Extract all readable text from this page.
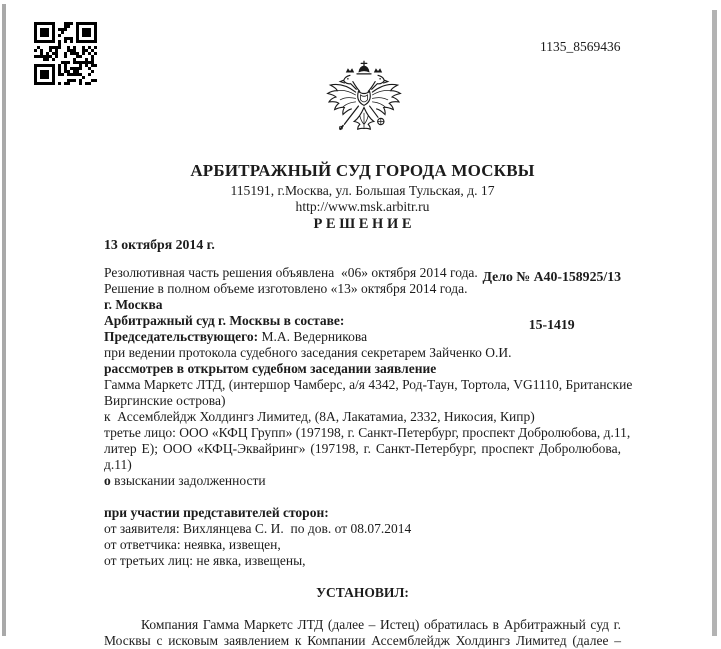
1135_8569436
АРБИТРАЖНЫЙ СУД ГОРОДА МОСКВЫ
115191, г.Москва, ул. Большая Тульская, д. 17
http://www.msk.arbitr.ru
Р Е Ш Е Н И Е
13 октября 2014 г.

Дело № А40-158925/13

15-1419

Резолютивная часть решения объявлена  «06» октября 2014 года.
Решение в полном объеме изготовлено «13» октября 2014 года.
г. Москва
Арбитражный суд г. Москвы в составе:
Председательствующего: М.А. Ведерникова
при ведении протокола судебного заседания секретарем Зайченко О.И.
рассмотрев в открытом судебном заседании заявление
Гамма Маркетс ЛТД, (интершор Чамберс, а/я 4342, Род-Таун, Тортола, VG1110, Британские
Виргинские острова)
к  Ассемблейдж Холдингз Лимитед, (8А, Лакатамиа, 2332, Никосия, Кипр)
третье лицо: ООО «КФЦ Групп» (197198, г. Санкт-Петербург, проспект Добролюбова, д.11,
литер Е); ООО «КФЦ-Эквайринг» (197198, г. Санкт-Петербург, проспект Добролюбова,
д.11)
о взыскании задолженности
при участии представителей сторон:
от заявителя: Вихлянцева С. И.  по дов. от 08.07.2014
от ответчика: неявка, извещен,
от третьих лиц: не явка, извещены,
УСТАНОВИЛ:
Компания Гамма Маркетс ЛТД (далее – Истец) обратилась в Арбитражный суд г.
Москвы с исковым заявлением к Компании Ассемблейдж Холдингз Лимитед (далее –
